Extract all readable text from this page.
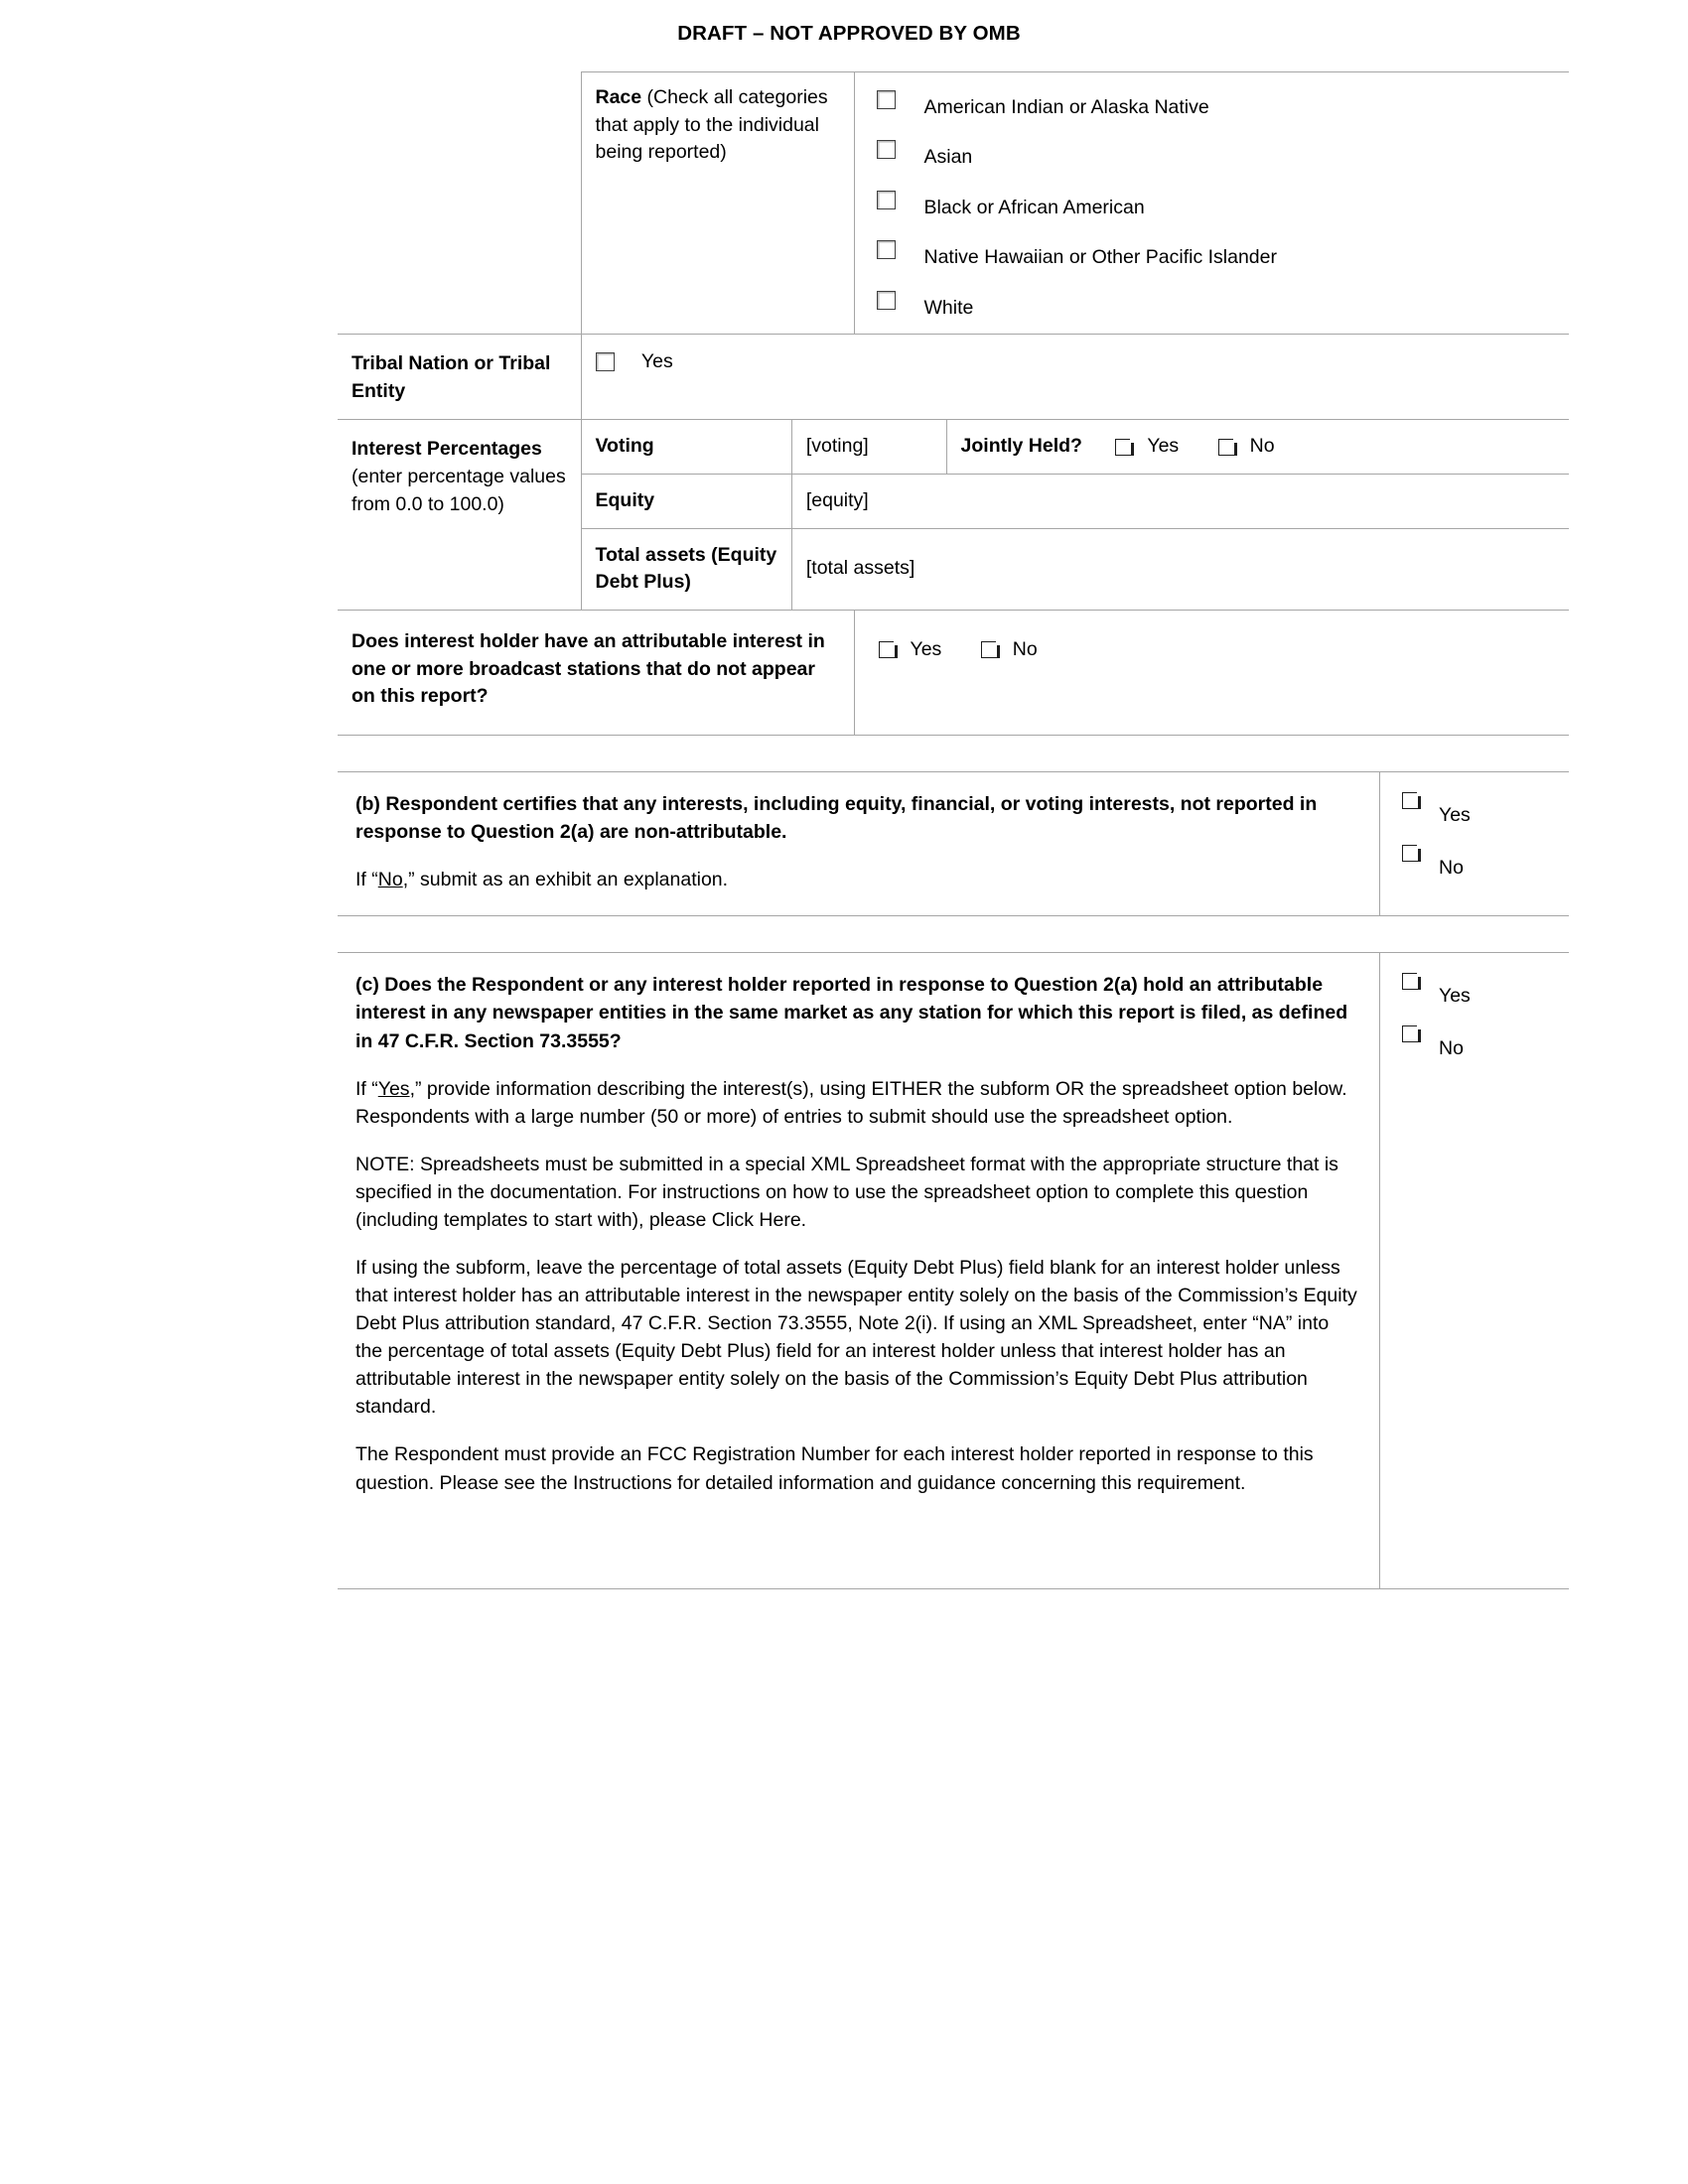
DRAFT – NOT APPROVED BY OMB
	Race (Check all categories that apply to the individual being reported)	
American Indian or Alaska Native
Asian
Black or African American
Native Hawaiian or Other Pacific Islander
White

Tribal Nation or Tribal Entity	Yes

Interest Percentages
(enter percentage values from 0.0 to 100.0)

Voting	[voting]	Jointly Held?	Yes	No
Equity	[equity]
Total assets (Equity Debt Plus)	[total assets]

Does interest holder have an attributable interest in one or more broadcast stations that do not appear on this report?	Yes	No

(b) Respondent certifies that any interests, including equity, financial, or voting interests, not reported in response to Question 2(a) are non-attributable.

If “No,” submit as an exhibit an explanation.

Yes
No

(c) Does the Respondent or any interest holder reported in response to Question 2(a) hold an attributable interest in any newspaper entities in the same market as any station for which this report is filed, as defined in 47 C.F.R. Section 73.3555?

If “Yes,” provide information describing the interest(s), using EITHER the subform OR the spreadsheet option below. Respondents with a large number (50 or more) of entries to submit should use the spreadsheet option.

NOTE: Spreadsheets must be submitted in a special XML Spreadsheet format with the appropriate structure that is specified in the documentation. For instructions on how to use the spreadsheet option to complete this question (including templates to start with), please Click Here.

If using the subform, leave the percentage of total assets (Equity Debt Plus) field blank for an interest holder unless that interest holder has an attributable interest in the newspaper entity solely on the basis of the Commission’s Equity Debt Plus attribution standard, 47 C.F.R. Section 73.3555, Note 2(i). If using an XML Spreadsheet, enter “NA” into the percentage of total assets (Equity Debt Plus) field for an interest holder unless that interest holder has an attributable interest in the newspaper entity solely on the basis of the Commission’s Equity Debt Plus attribution standard.

The Respondent must provide an FCC Registration Number for each interest holder reported in response to this question. Please see the Instructions for detailed information and guidance concerning this requirement.

Yes
No
